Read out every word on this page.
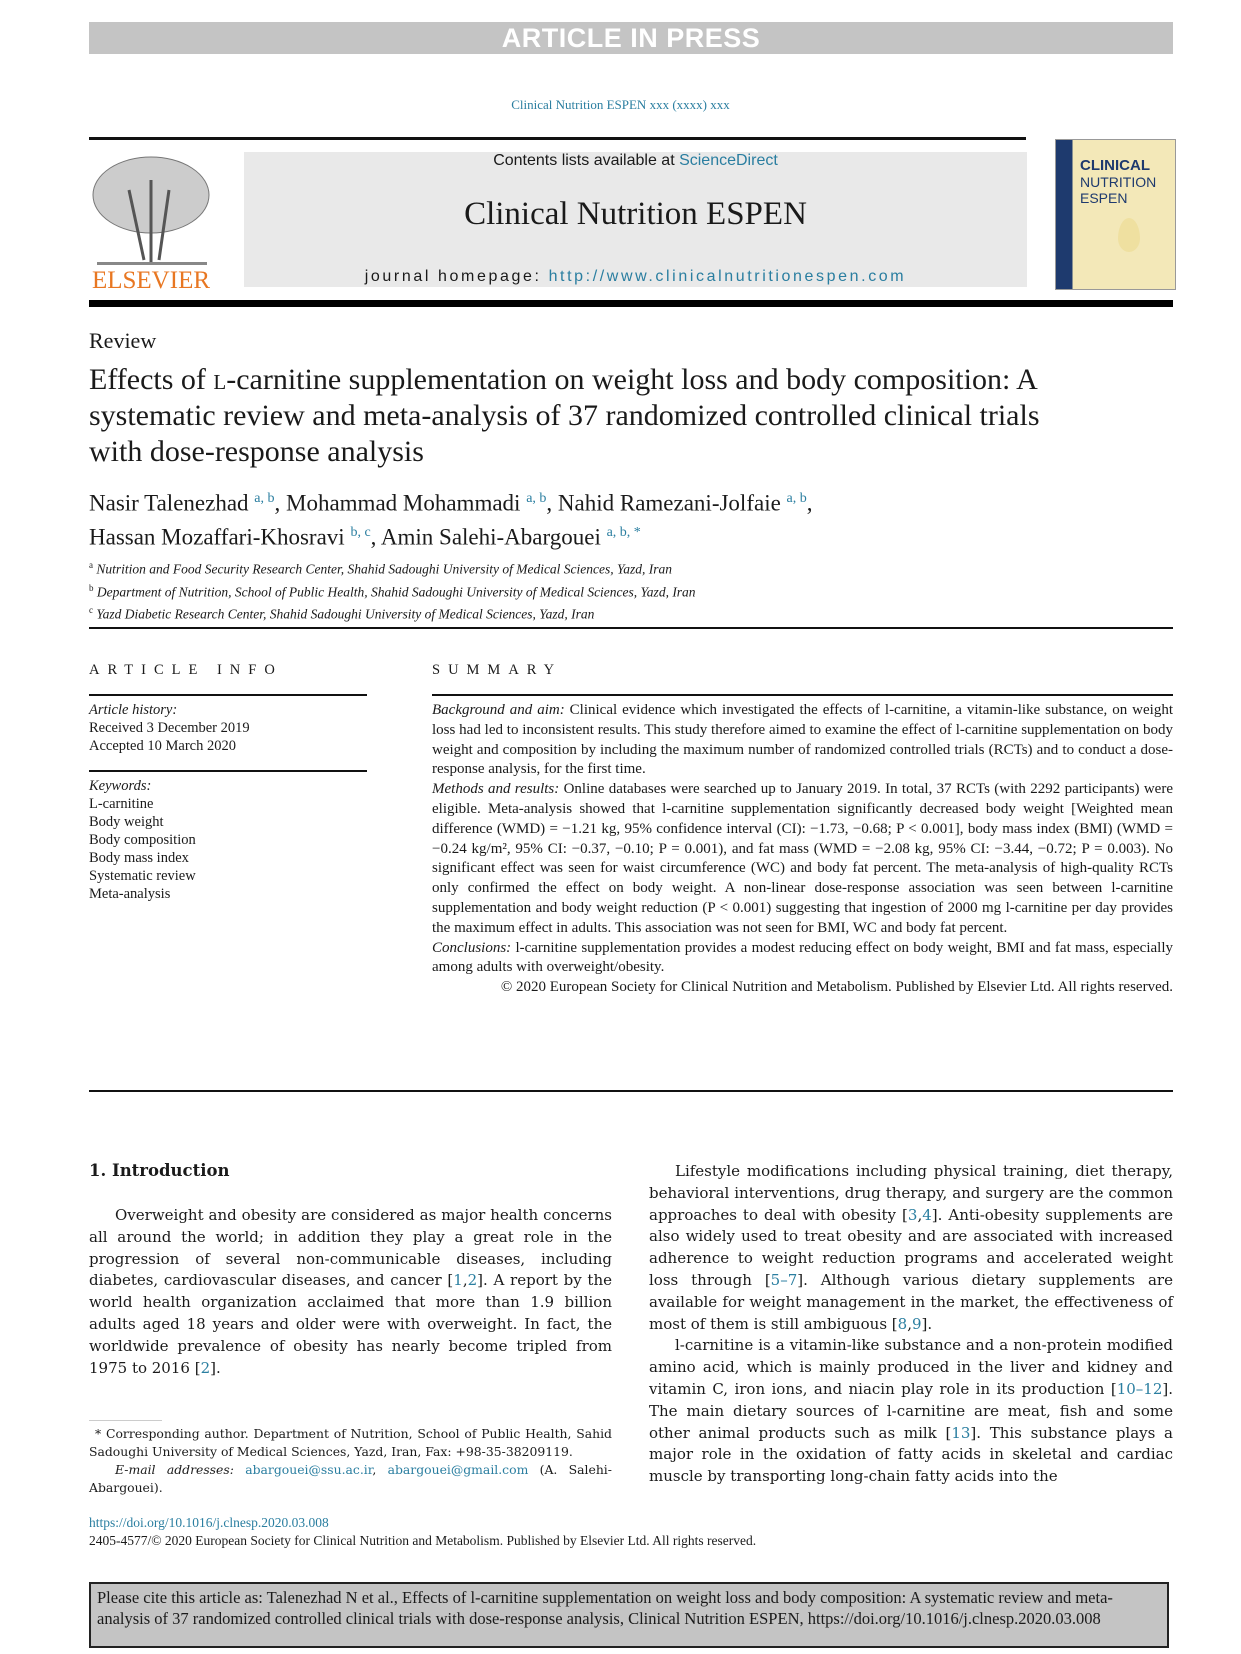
ARTICLE IN PRESS
Clinical Nutrition ESPEN xxx (xxxx) xxx
ELSEVIER
Contents lists available at ScienceDirect
Clinical Nutrition ESPEN
journal homepage: http://www.clinicalnutritionespen.com
CLINICAL
NUTRITION
ESPEN
Review
Effects of l-carnitine supplementation on weight loss and body composition: A systematic review and meta-analysis of 37 randomized controlled clinical trials with dose-response analysis
Nasir Talenezhad $^{a, b}$, Mohammad Mohammadi $^{a, b}$, Nahid Ramezani-Jolfaie $^{a, b}$,
Hassan Mozaffari-Khosravi $^{b, c}$, Amin Salehi-Abargouei $^{a, b, *}$
$^a$ Nutrition and Food Security Research Center, Shahid Sadoughi University of Medical Sciences, Yazd, Iran
$^b$ Department of Nutrition, School of Public Health, Shahid Sadoughi University of Medical Sciences, Yazd, Iran
$^c$ Yazd Diabetic Research Center, Shahid Sadoughi University of Medical Sciences, Yazd, Iran
ARTICLE INFO	SUMMARY
Article history:
Received 3 December 2019
Accepted 10 March 2020
Keywords:
L-carnitine
Body weight
Body composition
Body mass index
Systematic review
Meta-analysis
Background and aim: Clinical evidence which investigated the effects of l-carnitine, a vitamin-like substance, on weight loss had led to inconsistent results. This study therefore aimed to examine the effect of l-carnitine supplementation on body weight and composition by including the maximum number of randomized controlled trials (RCTs) and to conduct a dose-response analysis, for the first time.
Methods and results: Online databases were searched up to January 2019. In total, 37 RCTs (with 2292 participants) were eligible. Meta-analysis showed that l-carnitine supplementation significantly decreased body weight [Weighted mean difference (WMD) = −1.21 kg, 95% confidence interval (CI): −1.73, −0.68; P < 0.001], body mass index (BMI) (WMD = −0.24 kg/m², 95% CI: −0.37, −0.10; P = 0.001), and fat mass (WMD = −2.08 kg, 95% CI: −3.44, −0.72; P = 0.003). No significant effect was seen for waist circumference (WC) and body fat percent. The meta-analysis of high-quality RCTs only confirmed the effect on body weight. A non-linear dose-response association was seen between l-carnitine supplementation and body weight reduction (P < 0.001) suggesting that ingestion of 2000 mg l-carnitine per day provides the maximum effect in adults. This association was not seen for BMI, WC and body fat percent.
Conclusions: l-carnitine supplementation provides a modest reducing effect on body weight, BMI and fat mass, especially among adults with overweight/obesity.
© 2020 European Society for Clinical Nutrition and Metabolism. Published by Elsevier Ltd. All rights reserved.
1. Introduction

Overweight and obesity are considered as major health concerns all around the world; in addition they play a great role in the progression of several non-communicable diseases, including diabetes, cardiovascular diseases, and cancer [1,2]. A report by the world health organization acclaimed that more than 1.9 billion adults aged 18 years and older were with overweight. In fact, the worldwide prevalence of obesity has nearly become tripled from 1975 to 2016 [2].

Lifestyle modifications including physical training, diet therapy, behavioral interventions, drug therapy, and surgery are the common approaches to deal with obesity [3,4]. Anti-obesity supplements are also widely used to treat obesity and are associated with increased adherence to weight reduction programs and accelerated weight loss through [5–7]. Although various dietary supplements are available for weight management in the market, the effectiveness of most of them is still ambiguous [8,9].

l-carnitine is a vitamin-like substance and a non-protein modified amino acid, which is mainly produced in the liver and kidney and vitamin C, iron ions, and niacin play role in its production [10–12]. The main dietary sources of l-carnitine are meat, fish and some other animal products such as milk [13]. This substance plays a major role in the oxidation of fatty acids in skeletal and cardiac muscle by transporting long-chain fatty acids into the

* Corresponding author. Department of Nutrition, School of Public Health, Sahid Sadoughi University of Medical Sciences, Yazd, Iran, Fax: +98-35-38209119.
E-mail addresses: abargouei@ssu.ac.ir, abargouei@gmail.com (A. Salehi-Abargouei).
https://doi.org/10.1016/j.clnesp.2020.03.008
2405-4577/© 2020 European Society for Clinical Nutrition and Metabolism. Published by Elsevier Ltd. All rights reserved.
Please cite this article as: Talenezhad N et al., Effects of l-carnitine supplementation on weight loss and body composition: A systematic review and meta-analysis of 37 randomized controlled clinical trials with dose-response analysis, Clinical Nutrition ESPEN, https://doi.org/10.1016/j.clnesp.2020.03.008
